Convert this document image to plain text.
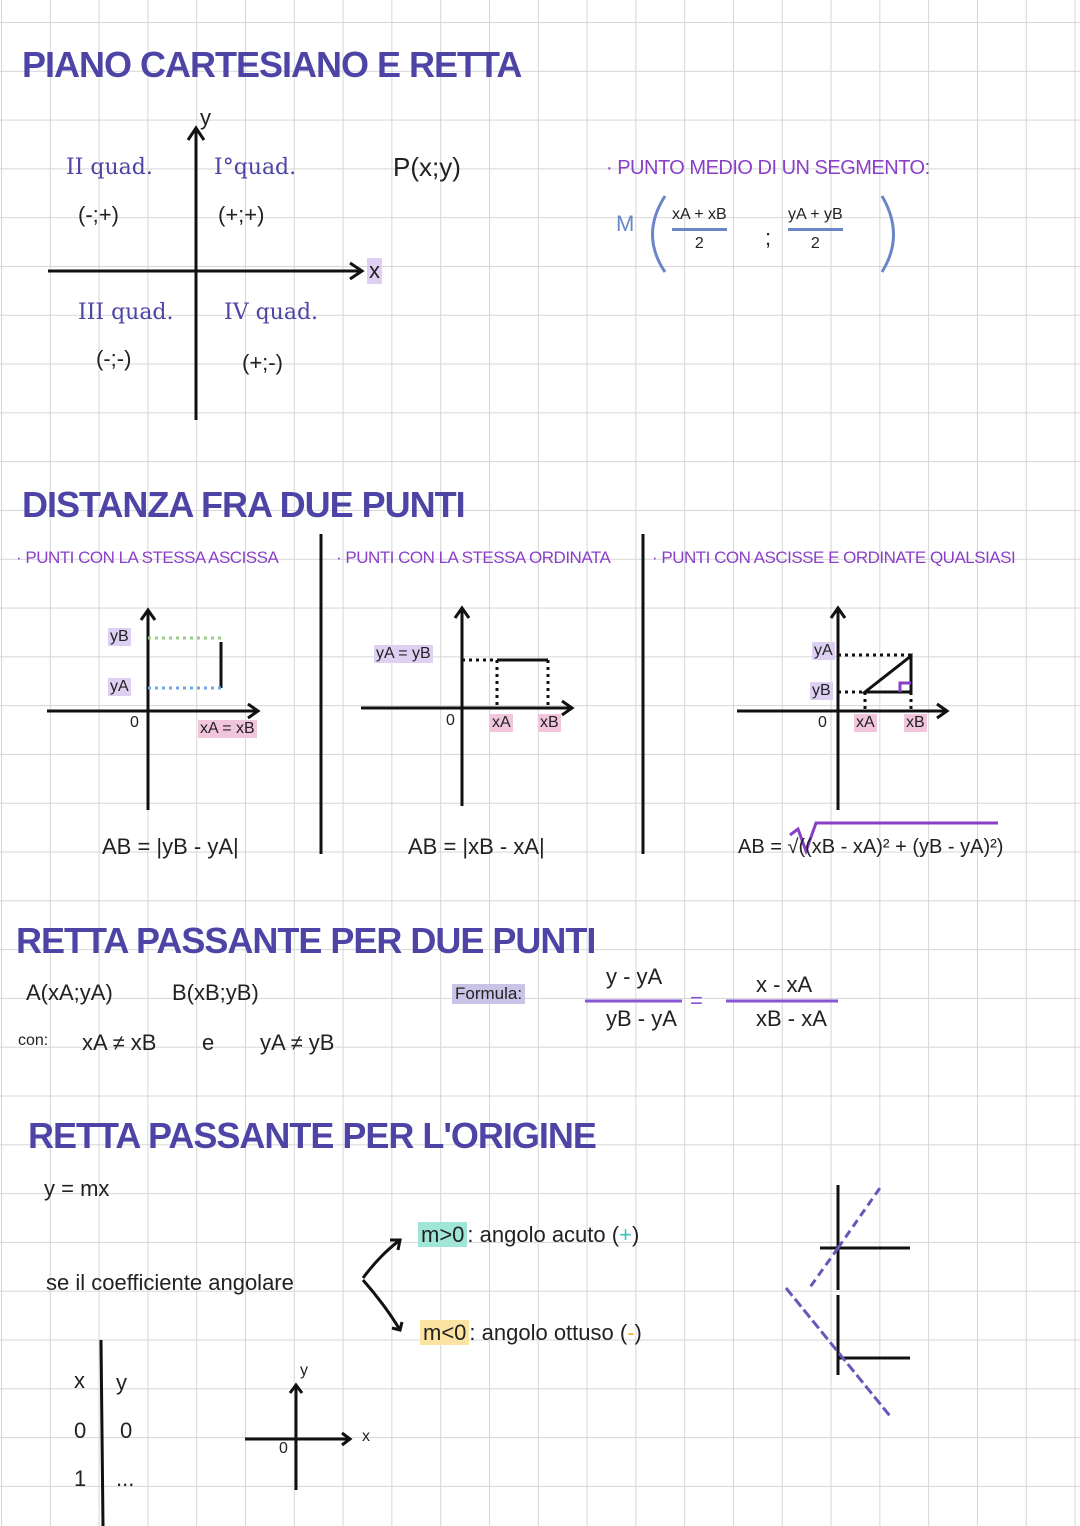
PIANO CARTESIANO E RETTA
y
x
II quad.
(-;+)
I°quad.
(+;+)
III quad.
(-;-)
IV quad.
(+;-)
P(x;y)	· PUNTO MEDIO DI UN SEGMENTO:
M xA + xB
2	;
yA + yB
2
DISTANZA FRA DUE PUNTI
· PUNTI CON LA STESSA ASCISSA	· PUNTI CON LA STESSA ORDINATA · PUNTI CON ASCISSE E ORDINATE QUALSIASI
yB
yA
0	xA = xB
AB = |yB - yA|
yA = yB
0 xA xB
AB = |xB - xA|
yA
yB
0 xA xB
AB = √((xB - xA)² + (yB - yA)²)
RETTA PASSANTE PER DUE PUNTI
A(xA;yA)	B(xB;yB)
con: xA ≠ xB e yA ≠ yB
Formula:
y - yA
yB - yA
=
x - xA
xB - xA
RETTA PASSANTE PER L'ORIGINE
y = mx
se il coefficiente angolare
m>0 : angolo acuto (+)
m<0 : angolo ottuso (-)
x y
0 0
1 ...
y
x
0
